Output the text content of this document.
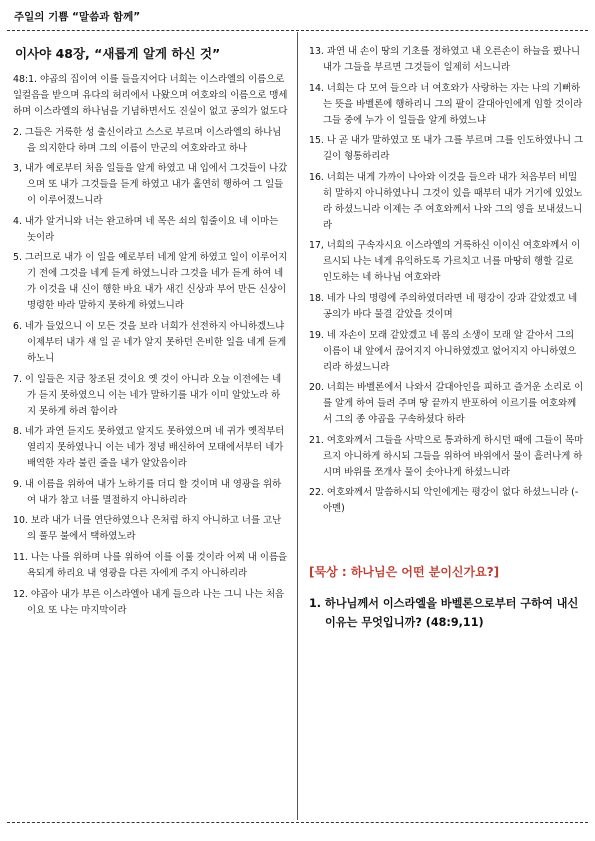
주일의 기쁨 “말씀과 함께”
이사야 48장, “새롭게 알게 하신 것”
48:1. 야곱의 집이여 이를 들을지어다 너희는 이스라엘의 이름으로 일컬음을 받으며 유다의 허리에서 나왔으며 여호와의 이름으로 맹세하며 이스라엘의 하나님을 기념하면서도 진실이 없고 공의가 없도다
2. 그들은 거룩한 성 출신이라고 스스로 부르며 이스라엘의 하나님을 의지한다 하며 그의 이름이 만군의 여호와라고 하나
3, 내가 예로부터 처음 일들을 알게 하였고 내 입에서 그것들이 나갔으며 또 내가 그것들을 듣게 하였고 내가 홀연히 행하여 그 일들이 이루어졌느니라
4. 내가 알거니와 너는 완고하며 네 목은 쇠의 힘줄이요 네 이마는 놋이라
5. 그러므로 내가 이 일을 예로부터 네게 알게 하였고 일이 이루어지기 전에 그것을 네게 듣게 하였느니라 그것을 네가 듣게 하여 네가 이것을 내 신이 행한 바요 내가 새긴 신상과 부어 만든 신상이 명령한 바라 말하지 못하게 하였느니라
6. 네가 들었으니 이 모든 것을 보라 너희가 선전하지 아니하겠느냐 이제부터 내가 새 일 곧 네가 알지 못하던 은비한 일을 네게 듣게 하노니
7. 이 일들은 지금 창조된 것이요 옛 것이 아니라 오늘 이전에는 네가 듣지 못하였으니 이는 네가 말하기를 내가 이미 알았노라 하지 못하게 하려 함이라
8. 네가 과연 듣지도 못하였고 알지도 못하였으며 네 귀가 옛적부터 열리지 못하였나니 이는 네가 정녕 배신하여 모태에서부터 네가 배역한 자라 불린 줄을 내가 알았음이라
9. 내 이름을 위하여 내가 노하기를 더디 할 것이며 내 영광을 위하여 내가 참고 너를 멸절하지 아니하리라
10. 보라 내가 너를 연단하였으나 은처럼 하지 아니하고 너를 고난의 풀무 불에서 택하였노라
11. 나는 나를 위하며 나를 위하여 이를 이룰 것이라 어찌 내 이름을 욕되게 하리요 내 영광을 다른 자에게 주지 아니하리라
12. 야곱아 내가 부른 이스라엘아 내게 들으라 나는 그니 나는 처음이요 또 나는 마지막이라
13. 과연 내 손이 땅의 기초를 정하였고 내 오른손이 하늘을 폈나니 내가 그들을 부르면 그것들이 일제히 서느니라
14. 너희는 다 모여 들으라 너 여호와가 사랑하는 자는 나의 기뻐하는 뜻을 바벨론에 행하리니 그의 팔이 갈대아인에게 임할 것이라 그들 중에 누가 이 일들을 알게 하였느냐
15. 나 곧 내가 말하였고 또 내가 그를 부르며 그를 인도하였나니 그 길이 형통하리라
16. 너희는 내게 가까이 나아와 이것을 들으라 내가 처음부터 비밀히 말하지 아니하였나니 그것이 있을 때부터 내가 거기에 있었노라 하셨느니라 이제는 주 여호와께서 나와 그의 영을 보내셨느니라
17, 너희의 구속자시요 이스라엘의 거룩하신 이이신 여호와께서 이르시되 나는 네게 유익하도록 가르치고 너를 마땅히 행할 길로 인도하는 네 하나님 여호와라
18. 네가 나의 명령에 주의하였더라면 네 평강이 강과 같았겠고 네 공의가 바다 물결 같았을 것이며
19. 네 자손이 모래 같았겠고 네 몸의 소생이 모래 알 같아서 그의 이름이 내 앞에서 끊어지지 아니하였겠고 없어지지 아니하였으리라 하셨느니라
20. 너희는 바벨론에서 나와서 갈대아인을 피하고 즐거운 소리로 이를 알게 하여 들려 주며 땅 끝까지 반포하여 이르기를 여호와께서 그의 종 야곱을 구속하셨다 하라
21. 여호와께서 그들을 사막으로 통과하게 하시던 때에 그들이 목마르지 아니하게 하시되 그들을 위하여 바위에서 물이 흘러나게 하시며 바위를 쪼개사 물이 솟아나게 하셨느니라
22. 여호와께서 말씀하시되 악인에게는 평강이 없다 하셨느니라 (-아멘)
[묵상 : 하나님은 어떤 분이신가요?]
1. 하나님께서 이스라엘을 바벨론으로부터 구하여 내신 이유는 무엇입니까? (48:9,11)
